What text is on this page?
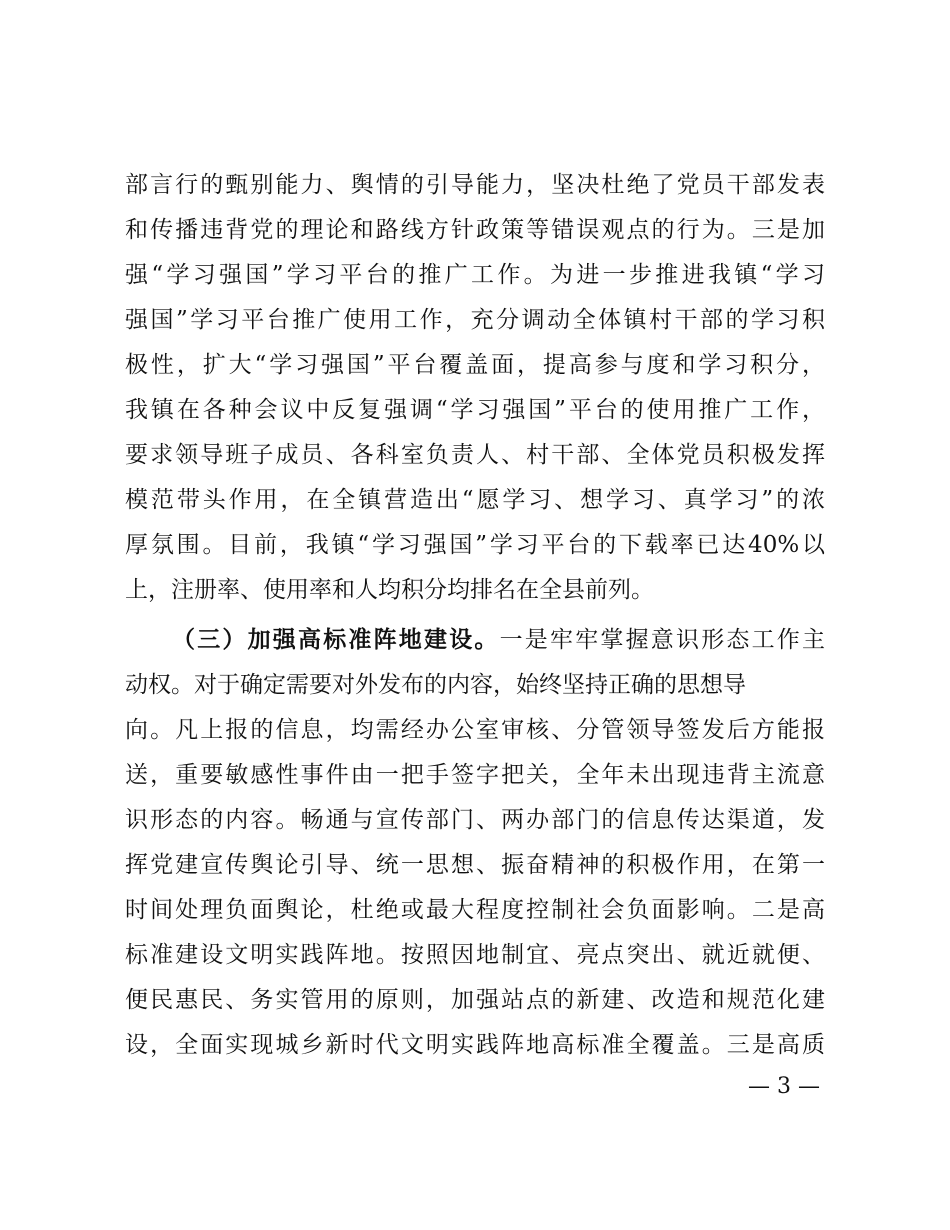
部言行的甄别能力、舆情的引导能力，坚决杜绝了党员干部发表
和传播违背党的理论和路线方针政策等错误观点的行为。三是加
强“学习强国”学习平台的推广工作。为进一步推进我镇“学习
强国”学习平台推广使用工作，充分调动全体镇村干部的学习积
极性，扩大“学习强国”平台覆盖面，提高参与度和学习积分，
我镇在各种会议中反复强调“学习强国”平台的使用推广工作，
要求领导班子成员、各科室负责人、村干部、全体党员积极发挥
模范带头作用，在全镇营造出“愿学习、想学习、真学习”的浓
厚氛围。目前，我镇“学习强国”学习平台的下载率已达40%以
上，注册率、使用率和人均积分均排名在全县前列。
（三）加强高标准阵地建设。一是牢牢掌握意识形态工作主
动权。对于确定需要对外发布的内容，始终坚持正确的思想导
向。凡上报的信息，均需经办公室审核、分管领导签发后方能报
送，重要敏感性事件由一把手签字把关，全年未出现违背主流意
识形态的内容。畅通与宣传部门、两办部门的信息传达渠道，发
挥党建宣传舆论引导、统一思想、振奋精神的积极作用，在第一
时间处理负面舆论，杜绝或最大程度控制社会负面影响。二是高
标准建设文明实践阵地。按照因地制宜、亮点突出、就近就便、
便民惠民、务实管用的原则，加强站点的新建、改造和规范化建
设，全面实现城乡新时代文明实践阵地高标准全覆盖。三是高质
— 3 —
